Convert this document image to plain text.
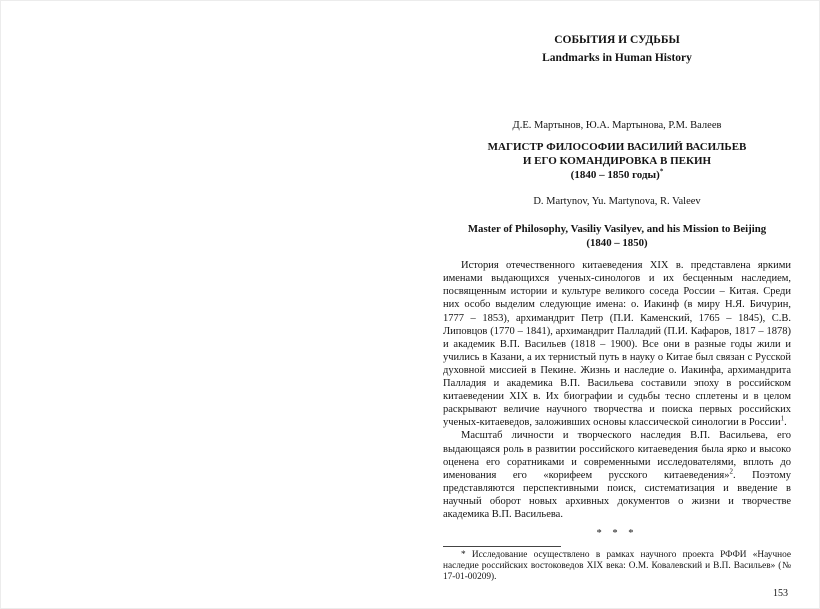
СОБЫТИЯ И СУДЬБЫ
Landmarks in Human History
Д.Е. Мартынов, Ю.А. Мартынова, Р.М. Валеев
МАГИСТР ФИЛОСОФИИ ВАСИЛИЙ ВАСИЛЬЕВ
И ЕГО КОМАНДИРОВКА В ПЕКИН
(1840 – 1850 годы)*
D. Martynov, Yu. Martynova, R. Valeev
Master of Philosophy, Vasiliy Vasilyev, and his Mission to Beijing
(1840 – 1850)

История отечественного китаеведения XIX в. представлена яркими именами выдающихся ученых-синологов и их бесценным наследием, посвященным истории и культуре великого соседа России – Китая. Среди них особо выделим следующие имена: о. Иакинф (в миру Н.Я. Бичурин, 1777 – 1853), архимандрит Петр (П.И. Каменский, 1765 – 1845), С.В. Липовцов (1770 – 1841), архимандрит Палладий (П.И. Кафаров, 1817 – 1878) и академик В.П. Васильев (1818 – 1900). Все они в разные годы жили и учились в Казани, а их тернистый путь в науку о Китае был связан с Русской духовной миссией в Пекине. Жизнь и наследие о. Иакинфа, архимандрита Палладия и академика В.П. Васильева составили эпоху в российском китаеведении XIX в. Их биографии и судьбы тесно сплетены и в целом раскрывают величие научного творчества и поиска первых российских ученых-китаеведов, заложивших основы классической синологии в России$^1$.

Масштаб личности и творческого наследия В.П. Васильева, его выдающаяся роль в развитии российского китаеведения была ярко и высоко оценена его соратниками и современными исследователями, вплоть до именования его «корифеем русского китаеведения»$^2$. Поэтому представляются перспективными поиск, систематизация и введение в научный оборот новых архивных документов о жизни и творчестве академика В.П. Васильева.

* * *

* Исследование осуществлено в рамках научного проекта РФФИ «Научное наследие российских востоковедов XIX века: О.М. Ковалевский и В.П. Васильев» (№ 17-01-00209).

153
